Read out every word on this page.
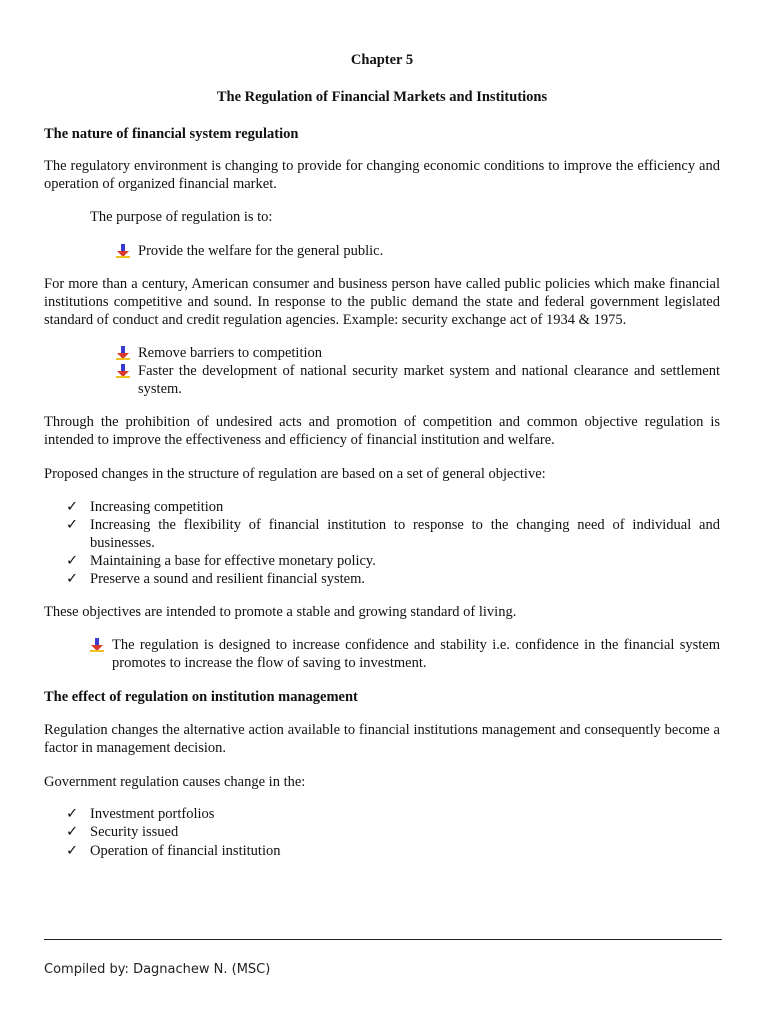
Chapter 5
The Regulation of Financial Markets and Institutions
The nature of financial system regulation
The regulatory environment is changing to provide for changing economic conditions to improve the efficiency and operation of organized financial market.
The purpose of regulation is to:
Provide the welfare for the general public.
For more than a century, American consumer and business person have called public policies which make financial institutions competitive and sound. In response to the public demand the state and federal government legislated standard of conduct and credit regulation agencies. Example: security exchange act of 1934 & 1975.
Remove barriers to competition
Faster the development of national security market system and national clearance and settlement system.
Through the prohibition of undesired acts and promotion of competition and common objective regulation is intended to improve the effectiveness and efficiency of financial institution and welfare.
Proposed changes in the structure of regulation are based on a set of general objective:
✓ Increasing competition
✓ Increasing the flexibility of financial institution to response to the changing need of individual and businesses.
✓ Maintaining a base for effective monetary policy.
✓ Preserve a sound and resilient financial system.
These objectives are intended to promote a stable and growing standard of living.
The regulation is designed to increase confidence and stability i.e. confidence in the financial system promotes to increase the flow of saving to investment.
The effect of regulation on institution management
Regulation changes the alternative action available to financial institutions management and consequently become a factor in management decision.
Government regulation causes change in the:
✓ Investment portfolios
✓ Security issued
✓ Operation of financial institution
Compiled by: Dagnachew N. (MSC)
